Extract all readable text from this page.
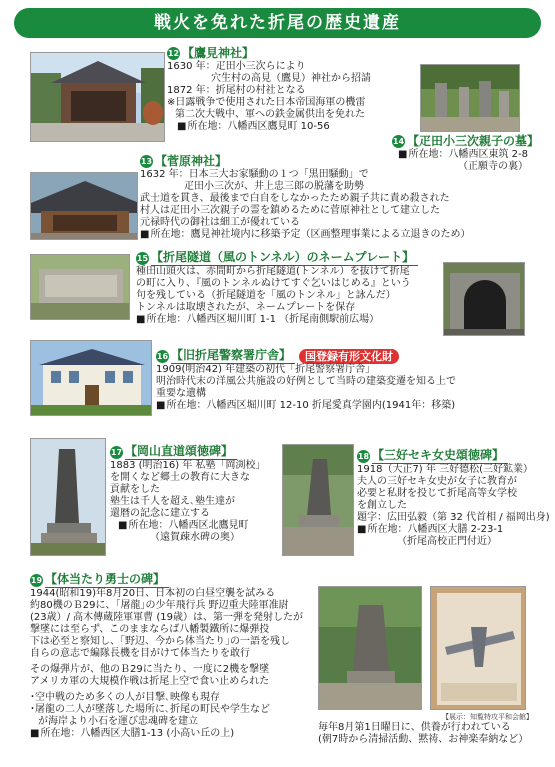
戦火を免れた折尾の歴史遺産
12 【鷹見神社】
1630 年：疋田小三次らにより
穴生村の高見（鷹見）神社から招請
1872 年：折尾村の村社となる
※日露戦争で使用された日本帝国海軍の機雷
第二次大戦中、軍への鉄金属供出を免れた
■ 所在地：八幡西区鷹見町 10-56
14 【疋田小三次親子の墓】
■ 所在地：八幡西区東筑 2-8
（正願寺の裏）
13 【菅原神社】
1632 年：日本三大お家騒動の１つ「黒田騒動」で
疋田小三次が、井上忠三郎の脱藩を助勢
武士道を貫き、最後まで白自をしなかったため親子共に責め殺された
村人は疋田小三次親子の霊を鎮めるために菅原神社として建立した
元禄時代の御社は細工が優れている
■ 所在地：鷹見神社境内に移築予定（区画整理事業による立退きのため）
15 【折尾隧道（風のトンネル）のネームプレート】
種田山頭火は、赤間町から折尾隧道(トンネル）を抜けて折尾
の町に入り、『風のトンネルぬけてすぐ乞いはじめる』という
句を残している（折尾隧道を「風のトンネル」と詠んだ）
トンネルは取壊されたが、ネームプレートを保存
■ 所在地：八幡西区堀川町 1-1 （折尾南側駅前広場）
16 【旧折尾警察署庁舎】	国登録有形文化財
1909(明治42) 年建築の初代「折尾警察署庁舎」
明治時代末の洋風公共施設の好例として当時の建築変遷を知る上で
重要な遺構
■ 所在地：八幡西区堀川町 12-10 折尾愛真学園内(1941年：移築)
17 【岡山直道頌徳碑】
1883 (明治16) 年 私塾「岡渕校」
を開くなど郷土の教育に大きな
貢献をした
塾生は千人を超え､塾生達が
還暦の記念に建立する
■ 所在地：八幡西区北鷹見町
（遠賀疎水碑の奥）
18 【三好セキ女史頌徳碑】
1918（大正7) 年 三好德松(三好鉱業）
夫人の三好セキ女史が女子に教育が
必要と私財を投じて折尾高等女学校
を創立した
題字：広田弘毅（第 32 代首相 / 福岡出身)
■ 所在地：八幡西区大膳 2-23-1
（折尾高校正門付近）
19 【体当たり勇士の碑】
1944(昭和19)年8月20日、日本初の白昼空襲を試みる
約80機のＢ29に、｢屠龍｣の少年飛行兵 野辺重夫陸軍准尉
(23歳）/ 高木傳蔵陸軍軍曹 (19歳）は、第一弾を発射したが
撃墜には至らず、このままならば八幡製鐵所に爆弾投
下は必至と察知し、｢野辺、今から体当たり｣の一語を残し
自らの意志で編隊長機を目がけて体当たりを敢行
その爆弾片が、他のＢ29に当たり、一度に2機を撃墜
アメリカ軍の大規模作戦は折尾上空で食い止められた
･空中戦のため多くの人が目撃､映像も現存
･屠龍の二人が墜落した場所に､折尾の町民や学生など
が海岸より小石を運び忠魂碑を建立
■ 所在地：八幡西区大膳1-13 (小高い丘の上)
【展示：知覧特攻平和会館】
毎年8月第1日曜日に、供養が行われている
(朝7時から清掃活動、黙祷、お神楽奉納など）
